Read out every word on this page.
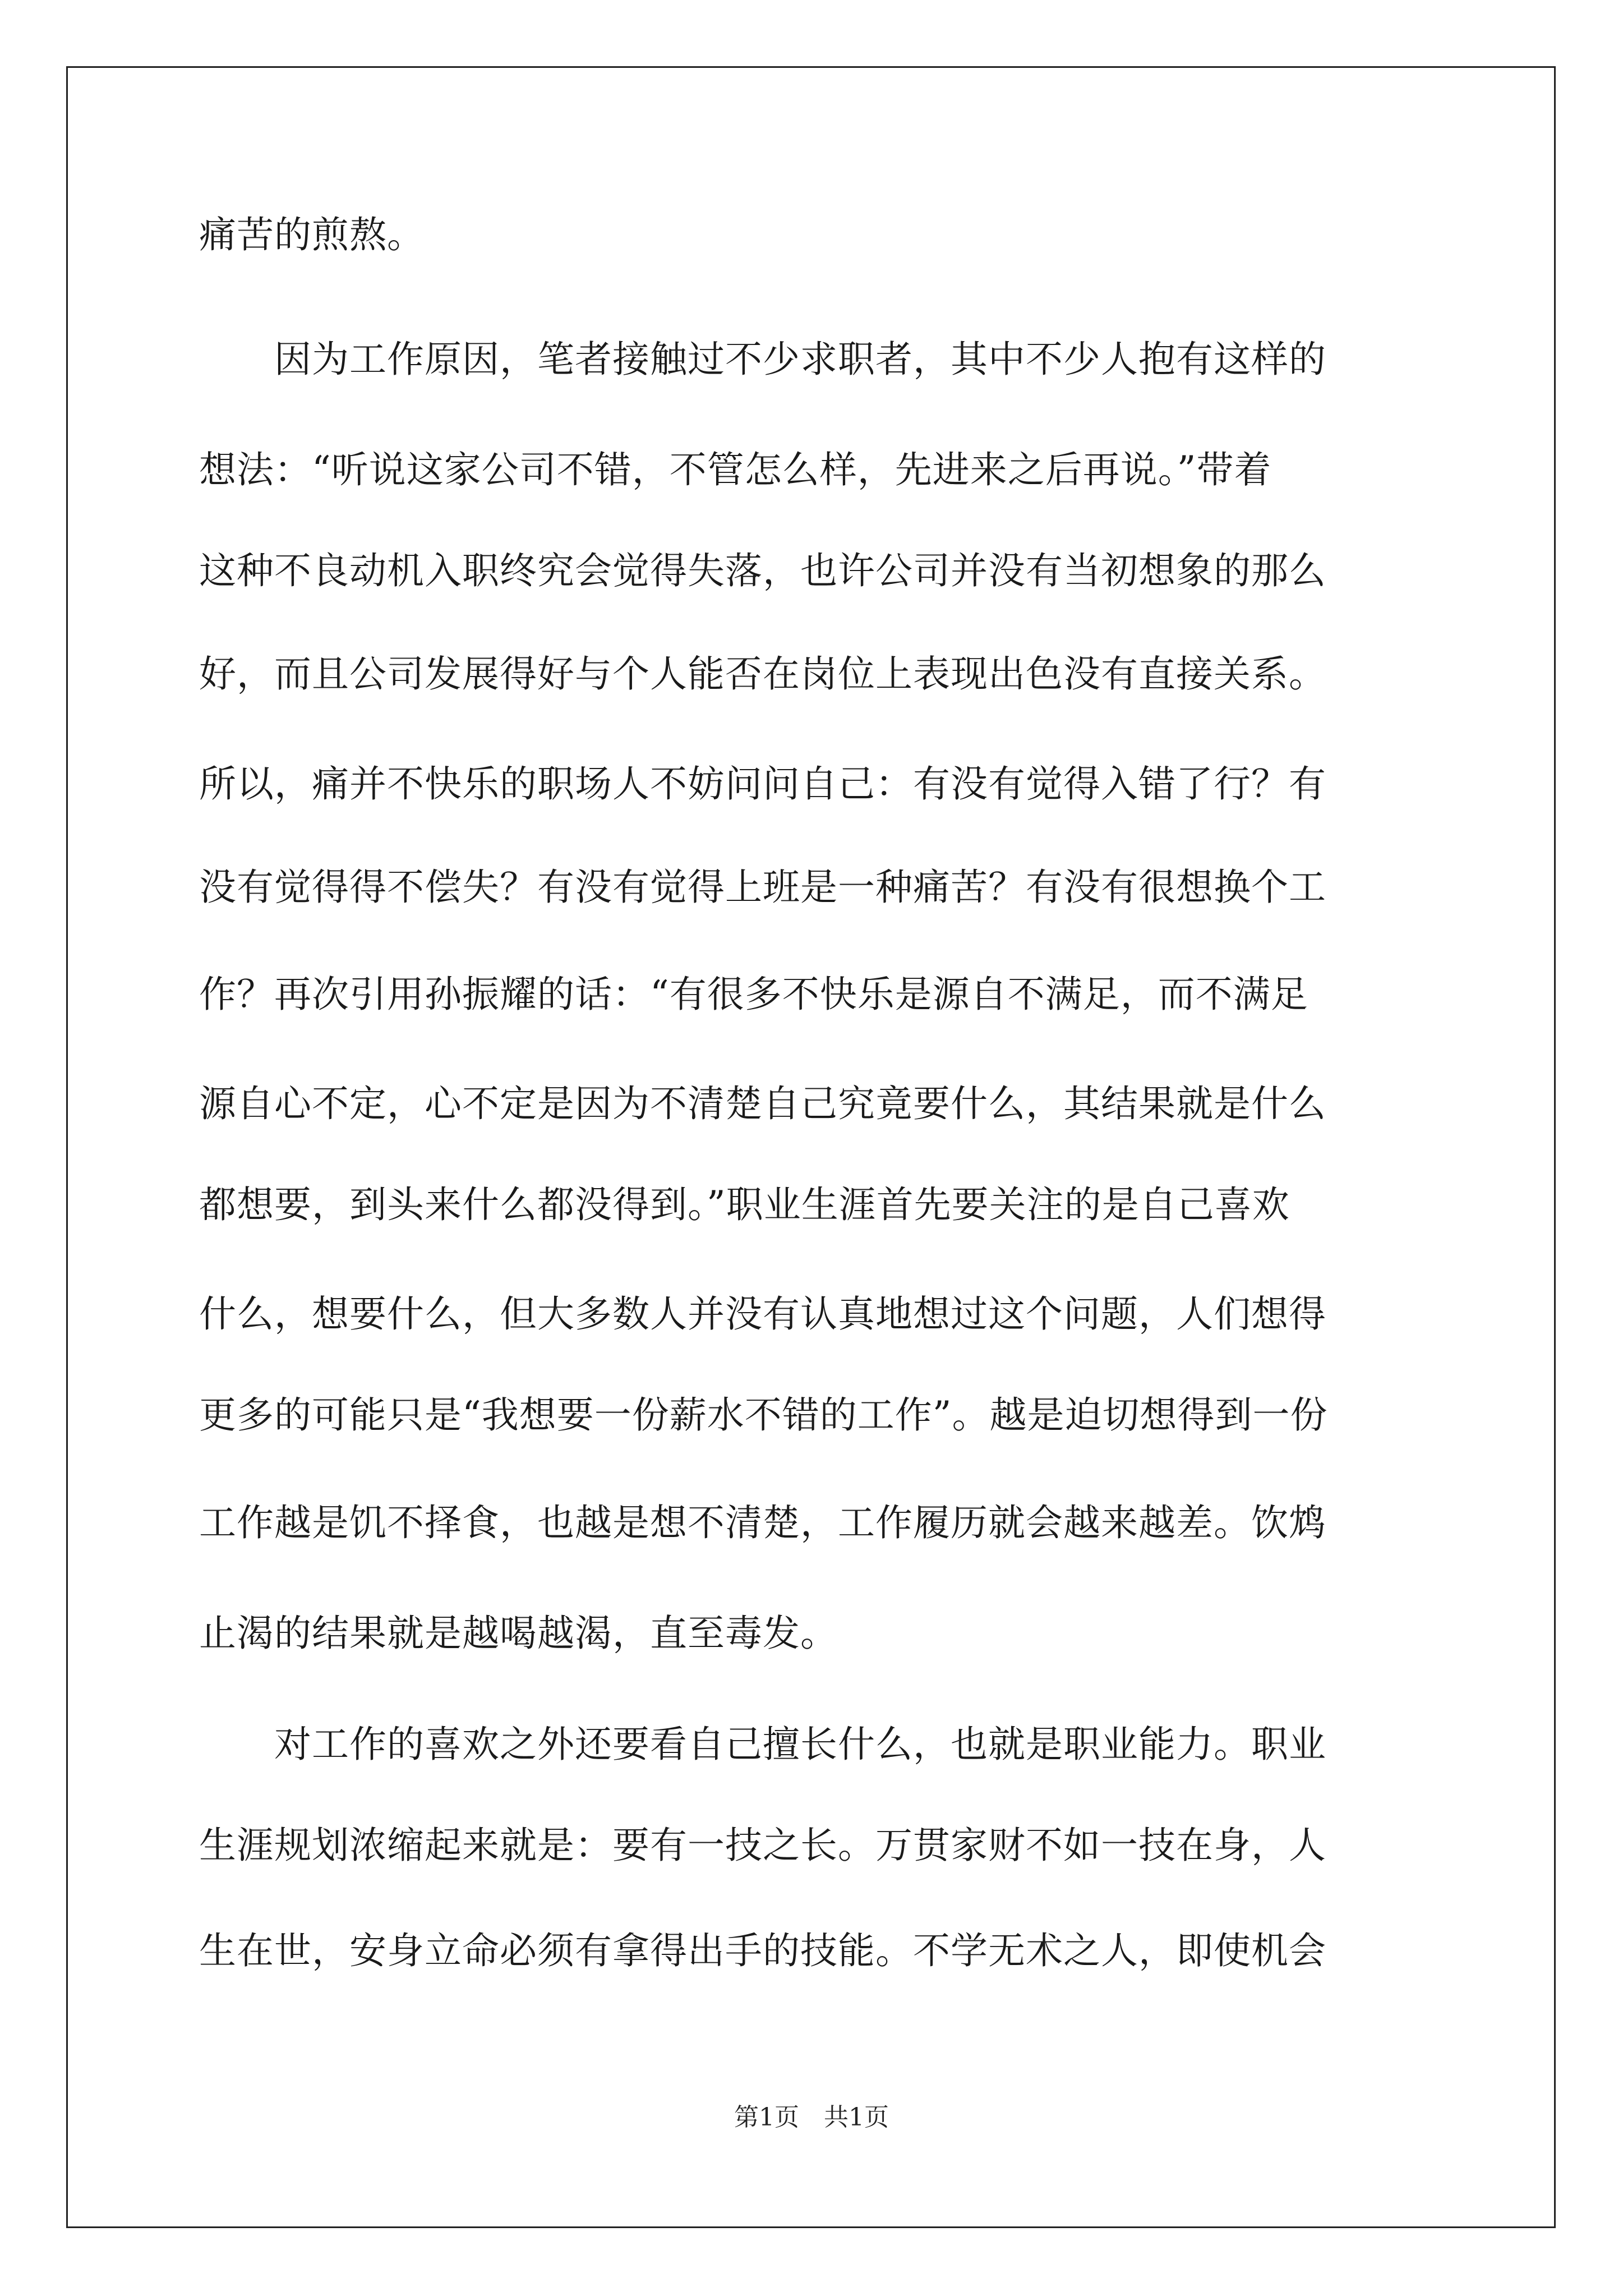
痛苦的煎熬。
　　因为工作原因，笔者接触过不少求职者，其中不少人抱有这样的
想法：“听说这家公司不错，不管怎么样，先进来之后再说。”带着
这种不良动机入职终究会觉得失落，也许公司并没有当初想象的那么
好，而且公司发展得好与个人能否在岗位上表现出色没有直接关系。
所以，痛并不快乐的职场人不妨问问自己：有没有觉得入错了行？有
没有觉得得不偿失？有没有觉得上班是一种痛苦？有没有很想换个工
作？再次引用孙振耀的话：“有很多不快乐是源自不满足，而不满足
源自心不定，心不定是因为不清楚自己究竟要什么，其结果就是什么
都想要，到头来什么都没得到。”职业生涯首先要关注的是自己喜欢
什么，想要什么，但大多数人并没有认真地想过这个问题，人们想得
更多的可能只是“我想要一份薪水不错的工作”。越是迫切想得到一份
工作越是饥不择食，也越是想不清楚，工作履历就会越来越差。饮鸩
止渴的结果就是越喝越渴，直至毒发。
　　对工作的喜欢之外还要看自己擅长什么，也就是职业能力。职业
生涯规划浓缩起来就是：要有一技之长。万贯家财不如一技在身，人
生在世，安身立命必须有拿得出手的技能。不学无术之人，即使机会
第1页　共1页
